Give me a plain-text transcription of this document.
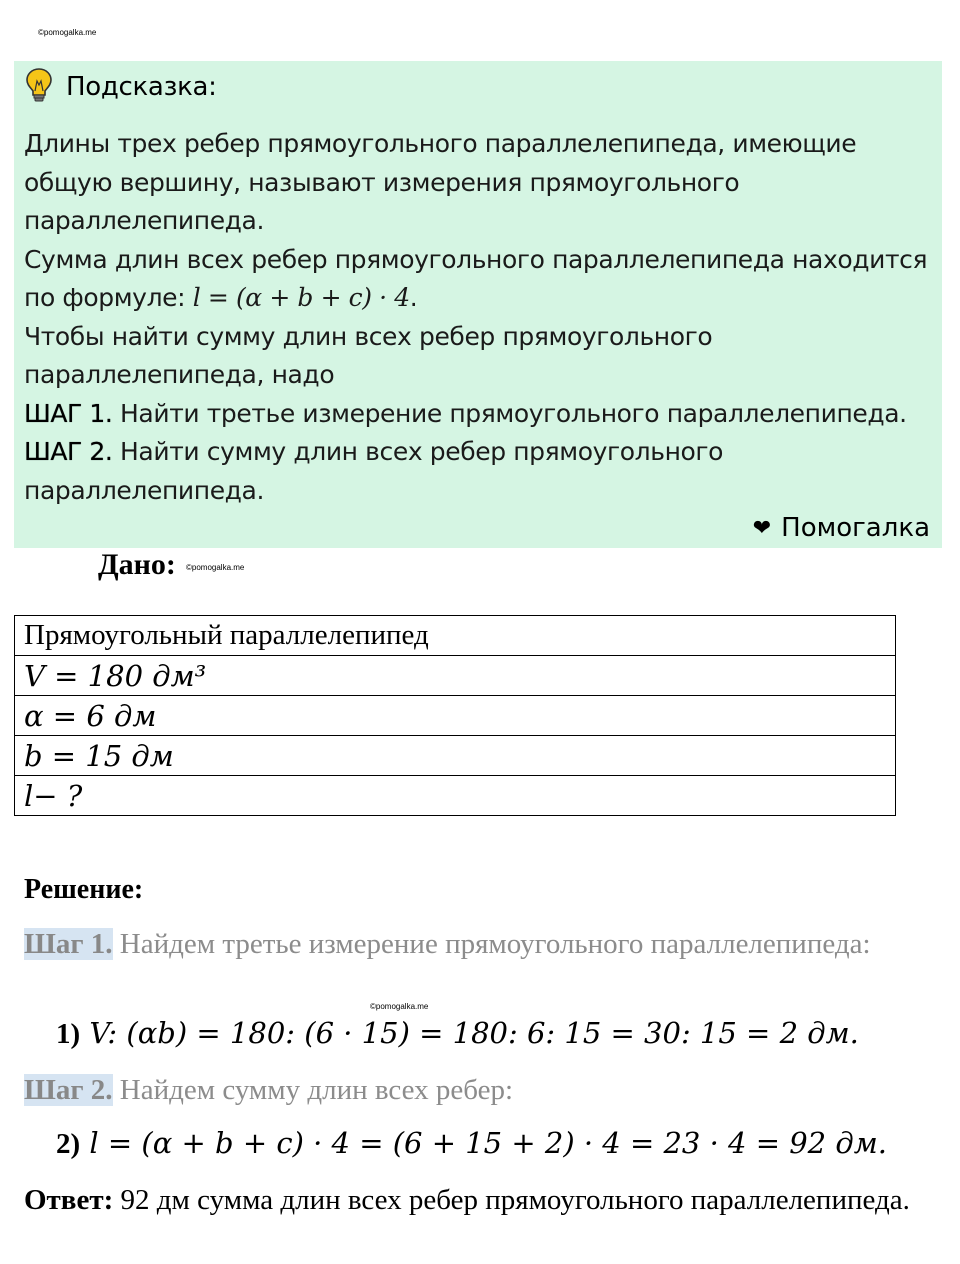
©pomogalka.me
Подсказка:

Длины трех ребер прямоугольного параллелепипеда, имеющие общую вершину, называют измерения прямоугольного параллелепипеда.

Сумма длин всех ребер прямоугольного параллелепипеда находится по формуле: l = (α + b + c) · 4.

Чтобы найти сумму длин всех ребер прямоугольного параллелепипеда, надо

ШАГ 1. Найти третье измерение прямоугольного параллелепипеда.

ШАГ 2. Найти сумму длин всех ребер прямоугольного параллелепипеда.

❤ Помогалка
Дано: ©pomogalka.me
Прямоугольный параллелепипед
V = 180 дм³
α = 6 дм
b = 15 дм
l− ?
Решение:
Шаг 1. Найдем третье измерение прямоугольного параллелепипеда:
©pomogalka.me
1) V: (αb) = 180: (6 · 15) = 180: 6: 15 = 30: 15 = 2 дм.
Шаг 2. Найдем сумму длин всех ребер:
2) l = (α + b + c) · 4 = (6 + 15 + 2) · 4 = 23 · 4 = 92 дм.
Ответ: 92 дм сумма длин всех ребер прямоугольного параллелепипеда.
